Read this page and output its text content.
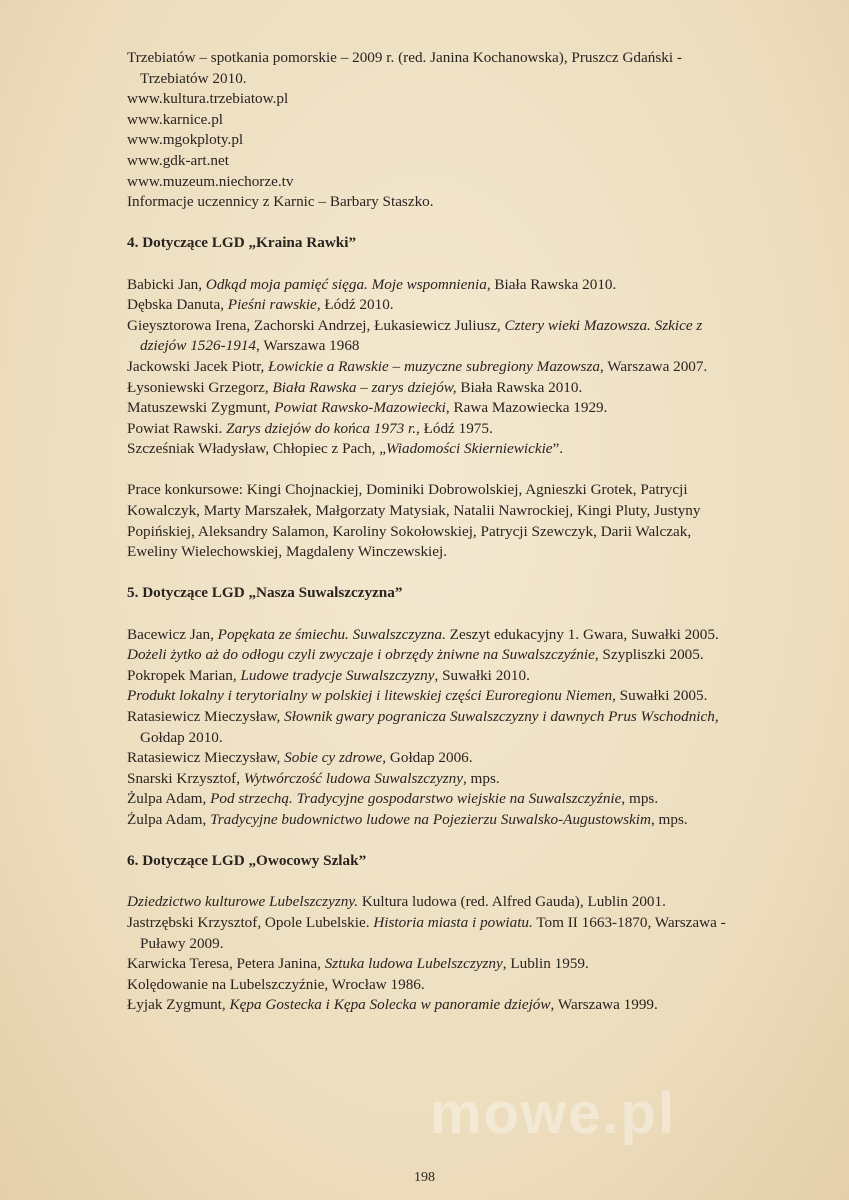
Trzebiatów – spotkania pomorskie – 2009 r. (red. Janina Kochanowska), Pruszcz Gdański - Trzebiatów 2010.
www.kultura.trzebiatow.pl
www.karnice.pl
www.mgokploty.pl
www.gdk-art.net
www.muzeum.niechorze.tv
Informacje uczennicy z Karnic – Barbary Staszko.
4. Dotyczące LGD „Kraina Rawki”
Babicki Jan, Odkąd moja pamięć sięga. Moje wspomnienia, Biała Rawska 2010.
Dębska Danuta, Pieśni rawskie, Łódź 2010.
Gieysztorowa Irena, Zachorski Andrzej, Łukasiewicz Juliusz, Cztery wieki Mazowsza. Szkice z dziejów 1526-1914, Warszawa 1968
Jackowski Jacek Piotr, Łowickie a Rawskie – muzyczne subregiony Mazowsza, Warszawa 2007.
Łysoniewski Grzegorz, Biała Rawska – zarys dziejów, Biała Rawska 2010.
Matuszewski Zygmunt, Powiat Rawsko-Mazowiecki, Rawa Mazowiecka 1929.
Powiat Rawski. Zarys dziejów do końca 1973 r., Łódź 1975.
Szcześniak Władysław, Chłopiec z Pach, „Wiadomości Skierniewickie”.
Prace konkursowe: Kingi Chojnackiej, Dominiki Dobrowolskiej, Agnieszki Grotek, Patrycji Kowalczyk, Marty Marszałek, Małgorzaty Matysiak, Natalii Nawrockiej, Kingi Pluty, Justyny Popińskiej, Aleksandry Salamon, Karoliny Sokołowskiej, Patrycji Szewczyk, Darii Walczak, Eweliny Wielechowskiej, Magdaleny Winczewskiej.
5. Dotyczące LGD „Nasza Suwalszczyzna”
Bacewicz Jan, Popękata ze śmiechu. Suwalszczyzna. Zeszyt edukacyjny 1. Gwara, Suwałki 2005.
Dożeli żytko aż do odłogu czyli zwyczaje i obrzędy żniwne na Suwalszczyźnie, Szypliszki 2005.
Pokropek Marian, Ludowe tradycje Suwalszczyzny, Suwałki 2010.
Produkt lokalny i terytorialny w polskiej i litewskiej części Euroregionu Niemen, Suwałki 2005.
Ratasiewicz Mieczysław, Słownik gwary pogranicza Suwalszczyzny i dawnych Prus Wschodnich, Gołdap 2010.
Ratasiewicz Mieczysław, Sobie cy zdrowe, Gołdap 2006.
Snarski Krzysztof, Wytwórczość ludowa Suwalszczyzny, mps.
Żulpa Adam, Pod strzechą. Tradycyjne gospodarstwo wiejskie na Suwalszczyźnie, mps.
Żulpa Adam, Tradycyjne budownictwo ludowe na Pojezierzu Suwalsko-Augustowskim, mps.
6. Dotyczące LGD „Owocowy Szlak”
Dziedzictwo kulturowe Lubelszczyzny. Kultura ludowa (red. Alfred Gauda), Lublin 2001.
Jastrzębski Krzysztof, Opole Lubelskie. Historia miasta i powiatu. Tom II 1663-1870, Warszawa - Puławy 2009.
Karwicka Teresa, Petera Janina, Sztuka ludowa Lubelszczyzny, Lublin 1959.
Kolędowanie na Lubelszczyźnie, Wrocław 1986.
Łyjak Zygmunt, Kępa Gostecka i Kępa Solecka w panoramie dziejów, Warszawa 1999.
mowe.pl
198
